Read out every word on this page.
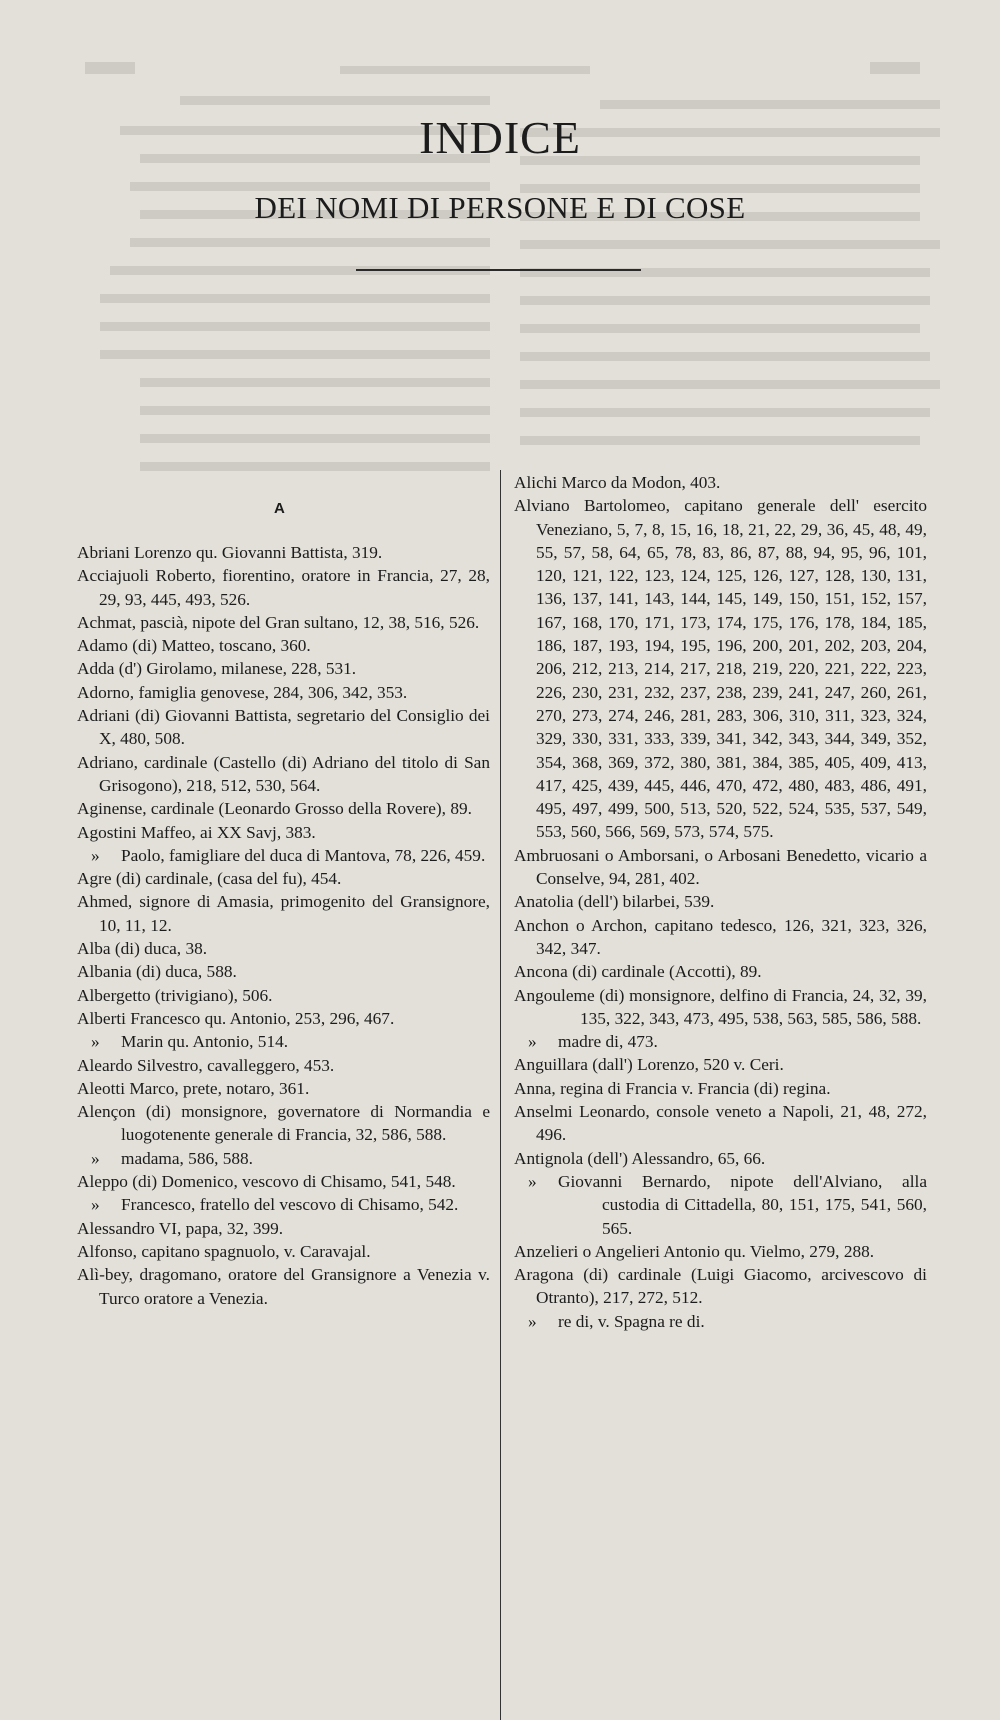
INDICE
DEI NOMI DI PERSONE E DI COSE
A
Abriani Lorenzo qu. Giovanni Battista, 319.
Acciajuoli Roberto, fiorentino, oratore in Francia, 27, 28, 29, 93, 445, 493, 526.
Achmat, pascià, nipote del Gran sultano, 12, 38, 516, 526.
Adamo (di) Matteo, toscano, 360.
Adda (d') Girolamo, milanese, 228, 531.
Adorno, famiglia genovese, 284, 306, 342, 353.
Adriani (di) Giovanni Battista, segretario del Consiglio dei X, 480, 508.
Adriano, cardinale (Castello (di) Adriano del titolo di San Grisogono), 218, 512, 530, 564.
Aginense, cardinale (Leonardo Grosso della Rovere), 89.
Agostini Maffeo, ai XX Savj, 383.
» Paolo, famigliare del duca di Mantova, 78, 226, 459.
Agre (di) cardinale, (casa del fu), 454.
Ahmed, signore di Amasia, primogenito del Gransignore, 10, 11, 12.
Alba (di) duca, 38.
Albania (di) duca, 588.
Albergetto (trivigiano), 506.
Alberti Francesco qu. Antonio, 253, 296, 467.
» Marin qu. Antonio, 514.
Aleardo Silvestro, cavalleggero, 453.
Aleotti Marco, prete, notaro, 361.
Alençon (di) monsignore, governatore di Normandia e luogotenente generale di Francia, 32, 586, 588.
» madama, 586, 588.
Aleppo (di) Domenico, vescovo di Chisamo, 541, 548.
» Francesco, fratello del vescovo di Chisamo, 542.
Alessandro VI, papa, 32, 399.
Alfonso, capitano spagnuolo, v. Caravajal.
Alì-bey, dragomano, oratore del Gransignore a Venezia v. Turco oratore a Venezia.
Alichi Marco da Modon, 403.
Alviano Bartolomeo, capitano generale dell' esercito Veneziano, 5, 7, 8, 15, 16, 18, 21, 22, 29, 36, 45, 48, 49, 55, 57, 58, 64, 65, 78, 83, 86, 87, 88, 94, 95, 96, 101, 120, 121, 122, 123, 124, 125, 126, 127, 128, 130, 131, 136, 137, 141, 143, 144, 145, 149, 150, 151, 152, 157, 167, 168, 170, 171, 173, 174, 175, 176, 178, 184, 185, 186, 187, 193, 194, 195, 196, 200, 201, 202, 203, 204, 206, 212, 213, 214, 217, 218, 219, 220, 221, 222, 223, 226, 230, 231, 232, 237, 238, 239, 241, 247, 260, 261, 270, 273, 274, 246, 281, 283, 306, 310, 311, 323, 324, 329, 330, 331, 333, 339, 341, 342, 343, 344, 349, 352, 354, 368, 369, 372, 380, 381, 384, 385, 405, 409, 413, 417, 425, 439, 445, 446, 470, 472, 480, 483, 486, 491, 495, 497, 499, 500, 513, 520, 522, 524, 535, 537, 549, 553, 560, 566, 569, 573, 574, 575.
Ambruosani o Amborsani, o Arbosani Benedetto, vicario a Conselve, 94, 281, 402.
Anatolia (dell') bilarbei, 539.
Anchon o Archon, capitano tedesco, 126, 321, 323, 326, 342, 347.
Ancona (di) cardinale (Accotti), 89.
Angouleme (di) monsignore, delfino di Francia, 24, 32, 39, 135, 322, 343, 473, 495, 538, 563, 585, 586, 588.
» madre di, 473.
Anguillara (dall') Lorenzo, 520 v. Ceri.
Anna, regina di Francia v. Francia (di) regina.
Anselmi Leonardo, console veneto a Napoli, 21, 48, 272, 496.
Antignola (dell') Alessandro, 65, 66.
» Giovanni Bernardo, nipote dell'Alviano, alla custodia di Cittadella, 80, 151, 175, 541, 560, 565.
Anzelieri o Angelieri Antonio qu. Vielmo, 279, 288.
Aragona (di) cardinale (Luigi Giacomo, arcivescovo di Otranto), 217, 272, 512.
» re di, v. Spagna re di.
